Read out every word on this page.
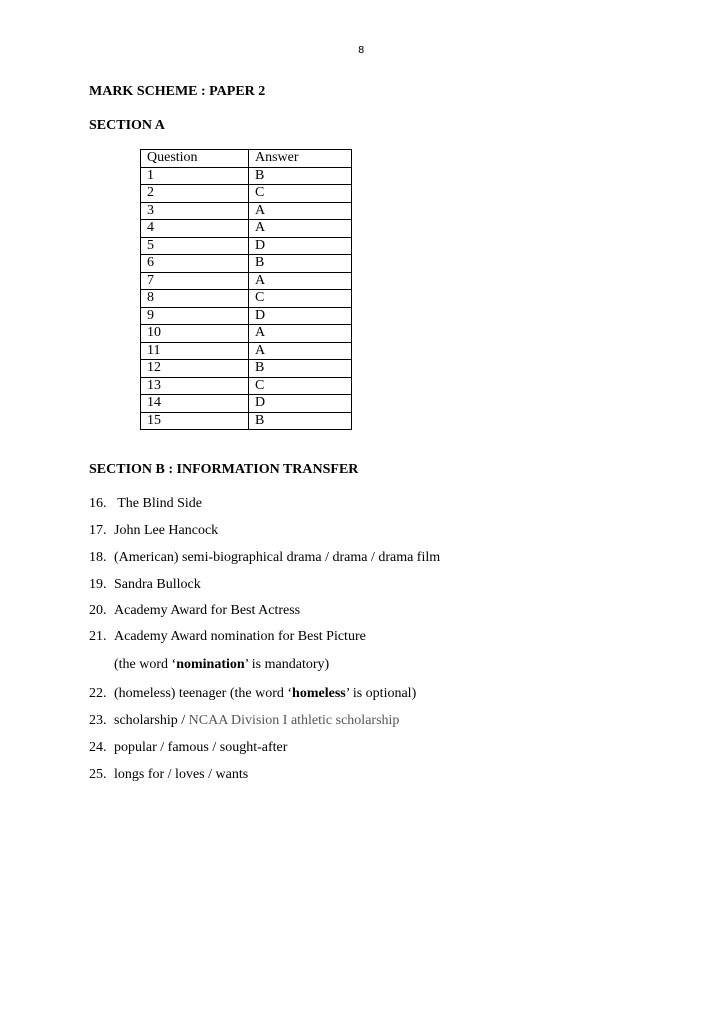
8
MARK SCHEME : PAPER 2
SECTION A
Question	Answer
1	B
2	C
3	A
4	A
5	D
6	B
7	A
8	C
9	D
10	A
11	A
12	B
13	C
14	D
15	B
SECTION B : INFORMATION TRANSFER
16. The Blind Side
17. John Lee Hancock
18. (American) semi-biographical drama / drama / drama film
19. Sandra Bullock
20. Academy Award for Best Actress
21. Academy Award nomination for Best Picture
(the word ‘nomination’ is mandatory)
22. (homeless) teenager (the word ‘homeless’ is optional)
23. scholarship / NCAA Division I athletic scholarship
24. popular / famous / sought-after
25. longs for / loves / wants
